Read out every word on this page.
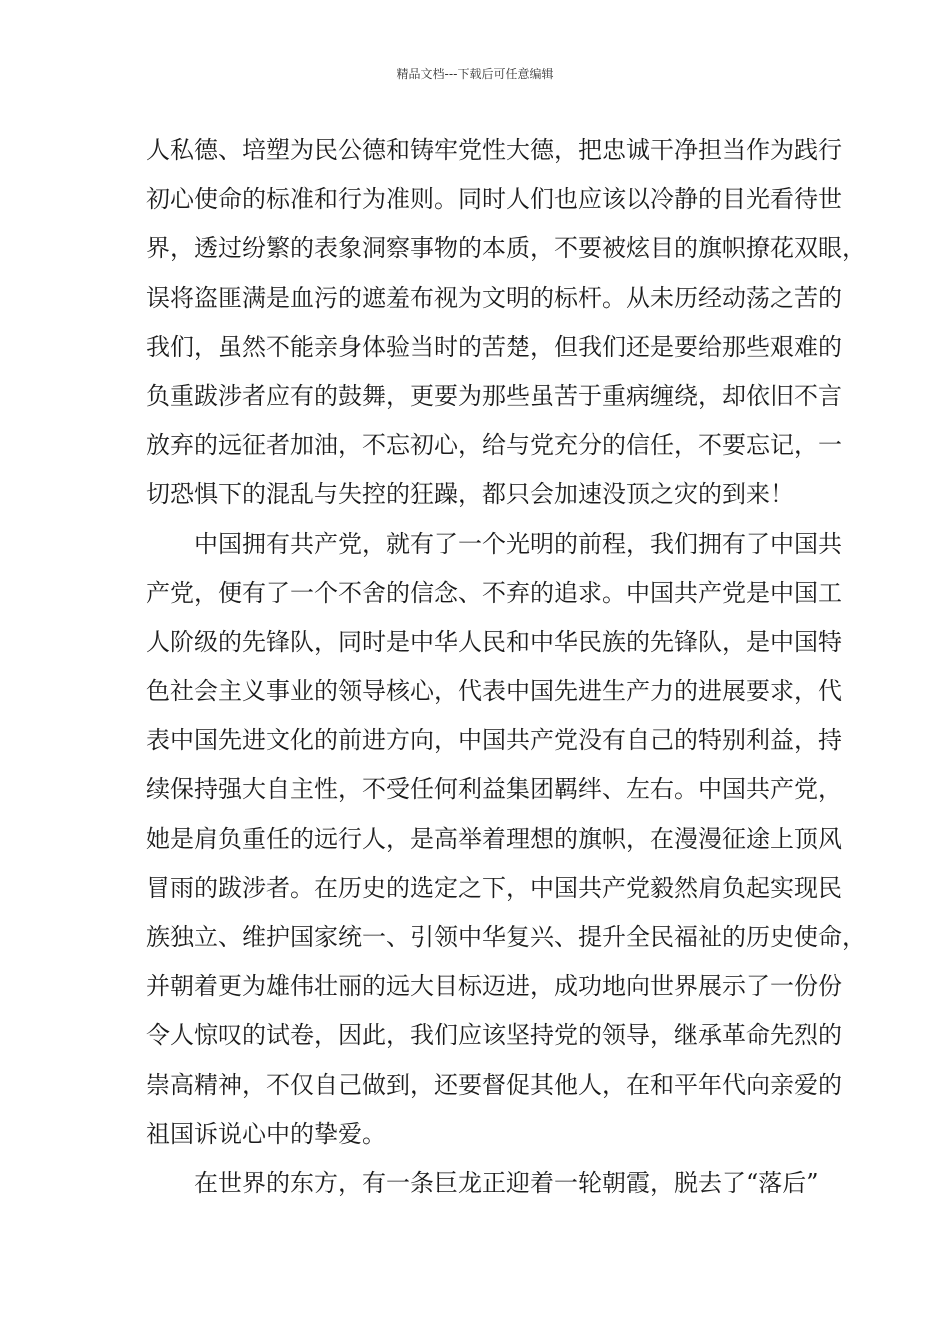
精品文档---下载后可任意编辑
人私德、培塑为民公德和铸牢党性大德，把忠诚干净担当作为践行
初心使命的标准和行为准则。同时人们也应该以冷静的目光看待世
界，透过纷繁的表象洞察事物的本质，不要被炫目的旗帜撩花双眼，
误将盗匪满是血污的遮羞布视为文明的标杆。从未历经动荡之苦的
我们，虽然不能亲身体验当时的苦楚，但我们还是要给那些艰难的
负重跋涉者应有的鼓舞，更要为那些虽苦于重病缠绕，却依旧不言
放弃的远征者加油，不忘初心，给与党充分的信任，不要忘记，一
切恐惧下的混乱与失控的狂躁，都只会加速没顶之灾的到来！
中国拥有共产党，就有了一个光明的前程，我们拥有了中国共
产党，便有了一个不舍的信念、不弃的追求。中国共产党是中国工
人阶级的先锋队，同时是中华人民和中华民族的先锋队，是中国特
色社会主义事业的领导核心，代表中国先进生产力的进展要求，代
表中国先进文化的前进方向，中国共产党没有自己的特别利益，持
续保持强大自主性，不受任何利益集团羁绊、左右。中国共产党，
她是肩负重任的远行人，是高举着理想的旗帜，在漫漫征途上顶风
冒雨的跋涉者。在历史的选定之下，中国共产党毅然肩负起实现民
族独立、维护国家统一、引领中华复兴、提升全民福祉的历史使命，
并朝着更为雄伟壮丽的远大目标迈进，成功地向世界展示了一份份
令人惊叹的试卷，因此，我们应该坚持党的领导，继承革命先烈的
崇高精神，不仅自己做到，还要督促其他人，在和平年代向亲爱的
祖国诉说心中的挚爱。
在世界的东方，有一条巨龙正迎着一轮朝霞，脱去了“落后”
